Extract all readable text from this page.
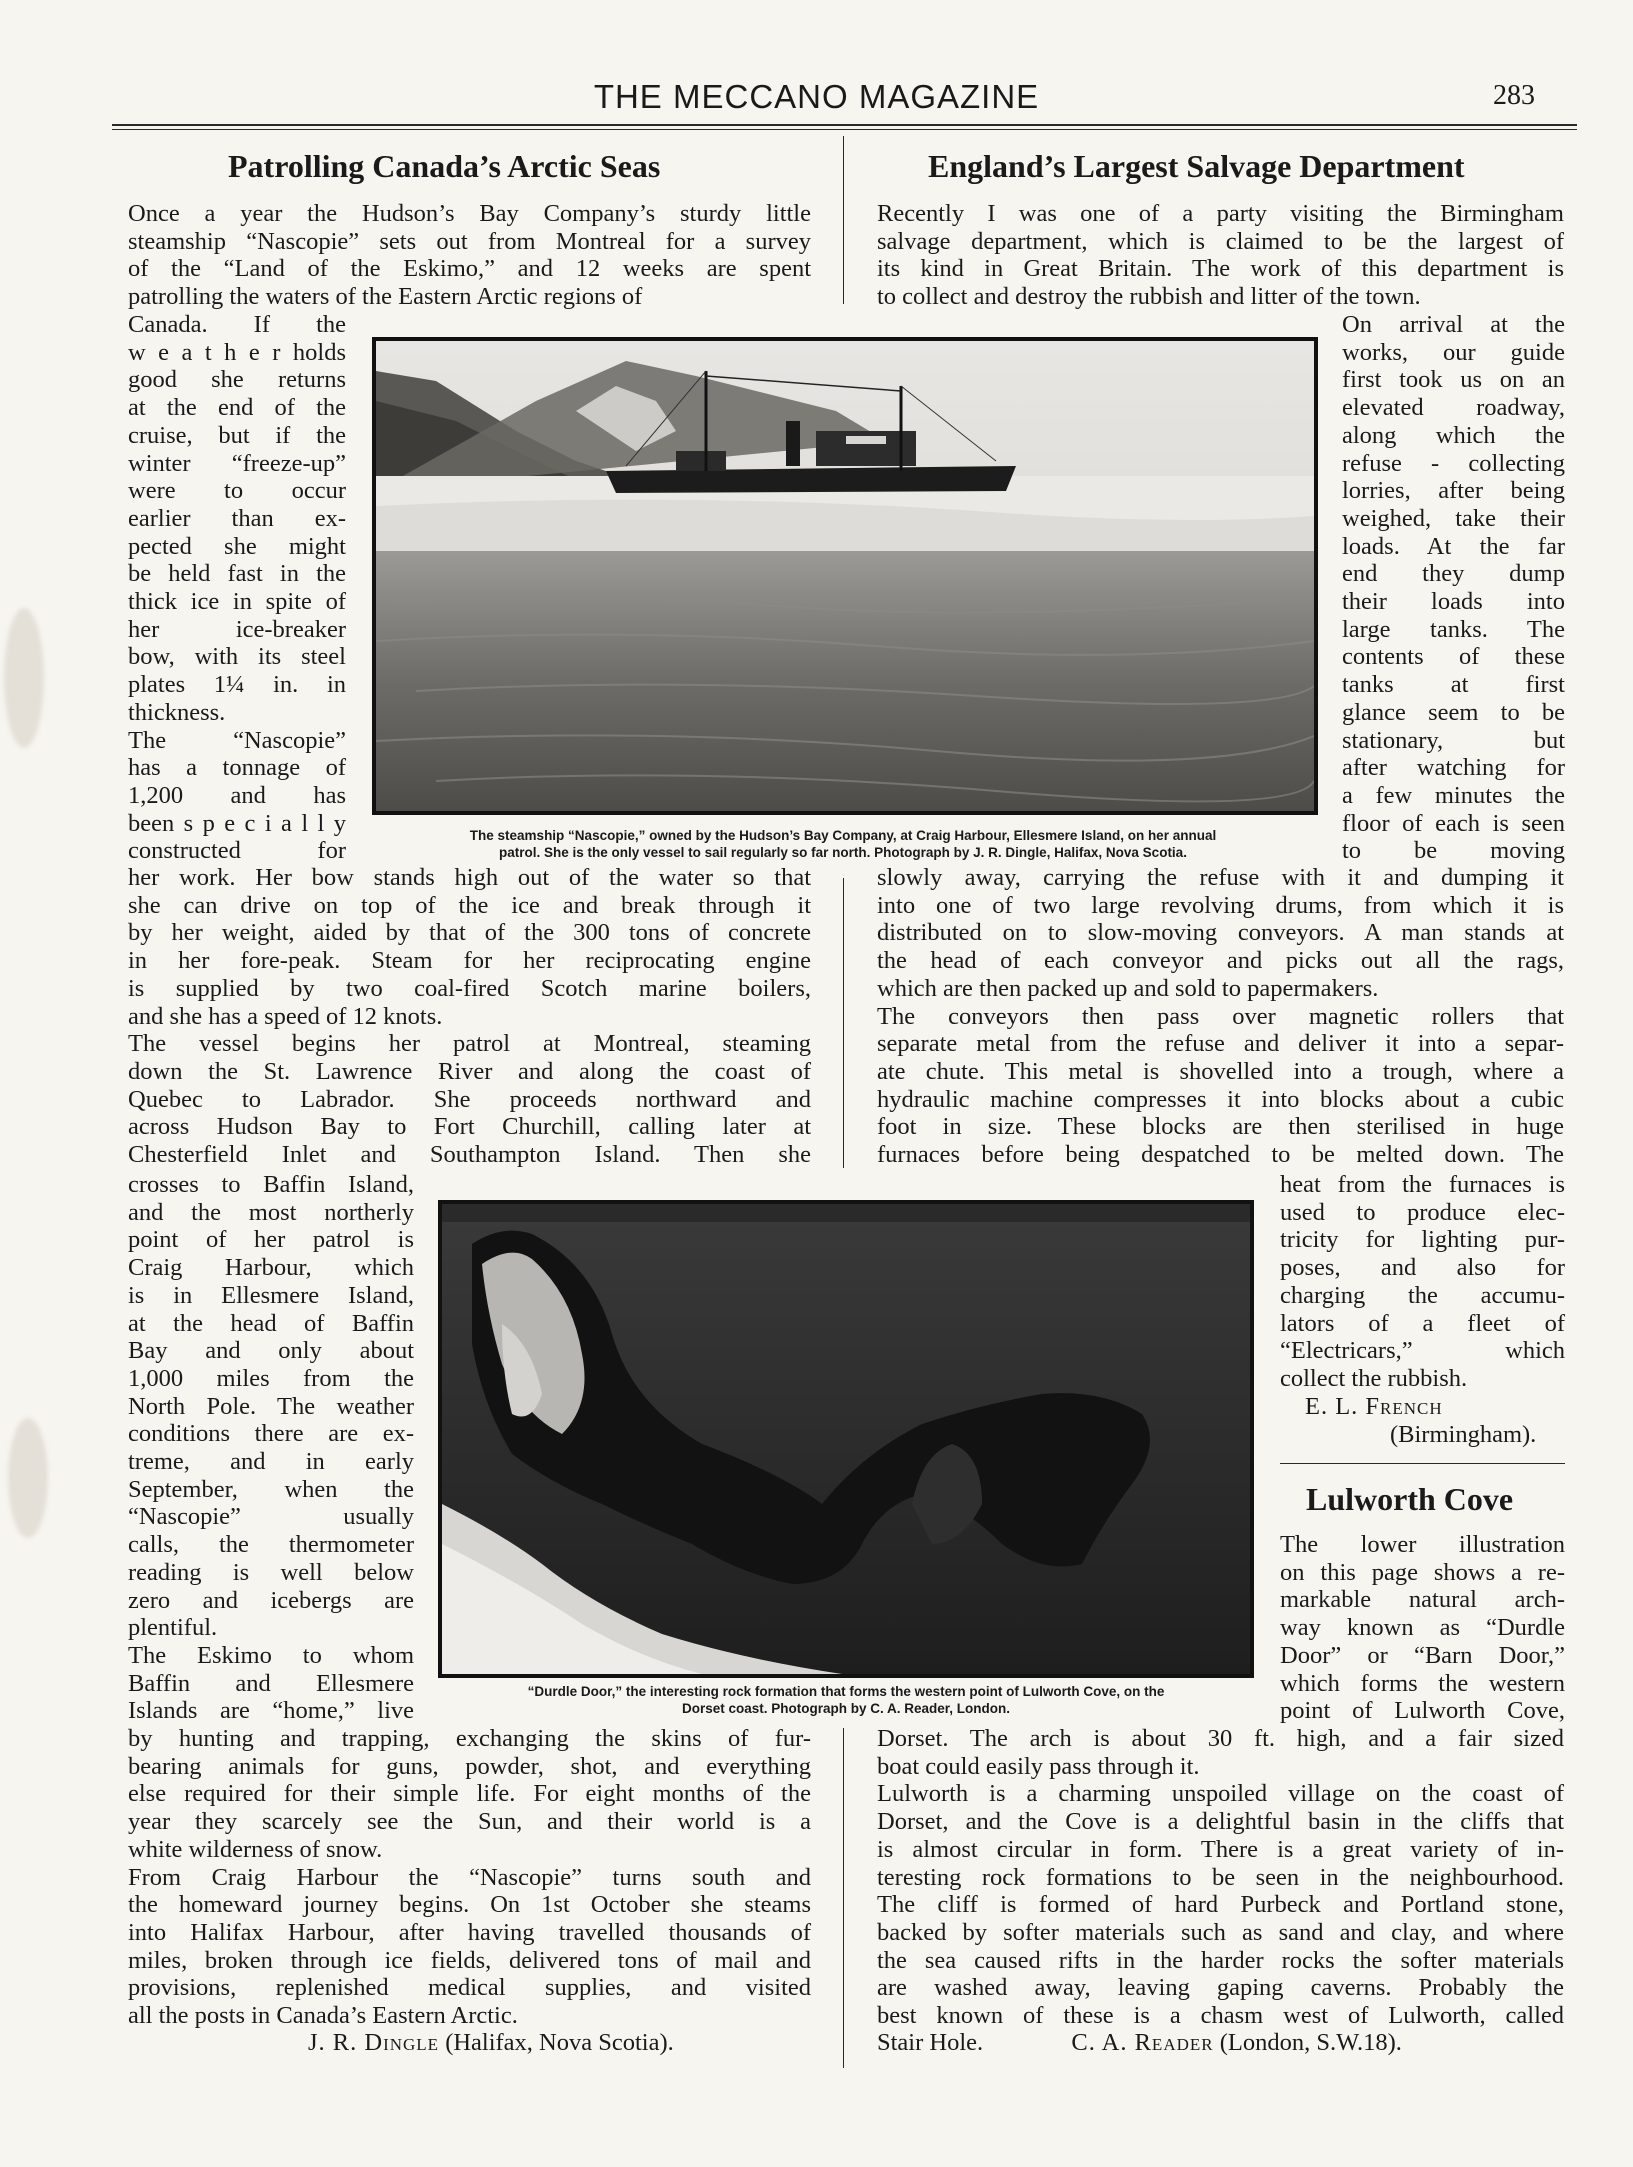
THE MECCANO MAGAZINE	283
Patrolling Canada’s Arctic Seas
Once a year the Hudson’s Bay Company’s sturdy little
steamship “Nascopie” sets out from Montreal for a survey
of the “Land of the Eskimo,” and 12 weeks are spent
patrolling the waters of the Eastern Arctic regions of
Canada. If the
w e a t h e r holds
good she returns
at the end of the
cruise, but if the
winter “freeze-up”
were to occur
earlier than ex-
pected she might
be held fast in the
thick ice in spite of
her ice-breaker
bow, with its steel
plates 1¼ in. in
thickness.
The “Nascopie”
has a tonnage of
1,200 and has
been s p e c i a l l y
constructed for
her work. Her bow stands high out of the water so that
she can drive on top of the ice and break through it
by her weight, aided by that of the 300 tons of concrete
in her fore-peak. Steam for her reciprocating engine
is supplied by two coal-fired Scotch marine boilers,
and she has a speed of 12 knots.
The vessel begins her patrol at Montreal, steaming
down the St. Lawrence River and along the coast of
Quebec to Labrador. She proceeds northward and
across Hudson Bay to Fort Churchill, calling later at
Chesterfield Inlet and Southampton Island. Then she
crosses to Baffin Island,
and the most northerly
point of her patrol is
Craig Harbour, which
is in Ellesmere Island,
at the head of Baffin
Bay and only about
1,000 miles from the
North Pole. The weather
conditions there are ex-
treme, and in early
September, when the
“Nascopie” usually
calls, the thermometer
reading is well below
zero and icebergs are
plentiful.
The Eskimo to whom
Baffin and Ellesmere
Islands are “home,” live
by hunting and trapping, exchanging the skins of fur-
bearing animals for guns, powder, shot, and everything
else required for their simple life. For eight months of the
year they scarcely see the Sun, and their world is a
white wilderness of snow.
From Craig Harbour the “Nascopie” turns south and
the homeward journey begins. On 1st October she steams
into Halifax Harbour, after having travelled thousands of
miles, broken through ice fields, delivered tons of mail and
provisions, replenished medical supplies, and visited
all the posts in Canada’s Eastern Arctic.
J. R. Dingle (Halifax, Nova Scotia).
England’s Largest Salvage Department
Recently I was one of a party visiting the Birmingham
salvage department, which is claimed to be the largest of
its kind in Great Britain. The work of this department is
to collect and destroy the rubbish and litter of the town.
On arrival at the
works, our guide
first took us on an
elevated roadway,
along which the
refuse - collecting
lorries, after being
weighed, take their
loads. At the far
end they dump
their loads into
large tanks. The
contents of these
tanks at first
glance seem to be
stationary, but
after watching for
a few minutes the
floor of each is seen
to be moving
slowly away, carrying the refuse with it and dumping it
into one of two large revolving drums, from which it is
distributed on to slow-moving conveyors. A man stands at
the head of each conveyor and picks out all the rags,
which are then packed up and sold to papermakers.
The conveyors then pass over magnetic rollers that
separate metal from the refuse and deliver it into a separ-
ate chute. This metal is shovelled into a trough, where a
hydraulic machine compresses it into blocks about a cubic
foot in size. These blocks are then sterilised in huge
furnaces before being despatched to be melted down. The
heat from the furnaces is
used to produce elec-
tricity for lighting pur-
poses, and also for
charging the accumu-
lators of a fleet of
“Electricars,” which
collect the rubbish.
E. L. French
(Birmingham).
Lulworth Cove
The lower illustration
on this page shows a re-
markable natural arch-
way known as “Durdle
Door” or “Barn Door,”
which forms the western
point of Lulworth Cove,
Dorset. The arch is about 30 ft. high, and a fair sized
boat could easily pass through it.
Lulworth is a charming unspoiled village on the coast of
Dorset, and the Cove is a delightful basin in the cliffs that
is almost circular in form. There is a great variety of in-
teresting rock formations to be seen in the neighbourhood.
The cliff is formed of hard Purbeck and Portland stone,
backed by softer materials such as sand and clay, and where
the sea caused rifts in the harder rocks the softer materials
are washed away, leaving gaping caverns. Probably the
best known of these is a chasm west of Lulworth, called
Stair Hole.	C. A. Reader (London, S.W.18).
The steamship “Nascopie,” owned by the Hudson’s Bay Company, at Craig Harbour, Ellesmere Island, on her annual
patrol. She is the only vessel to sail regularly so far north. Photograph by J. R. Dingle, Halifax, Nova Scotia.
“Durdle Door,” the interesting rock formation that forms the western point of Lulworth Cove, on the
Dorset coast. Photograph by C. A. Reader, London.
